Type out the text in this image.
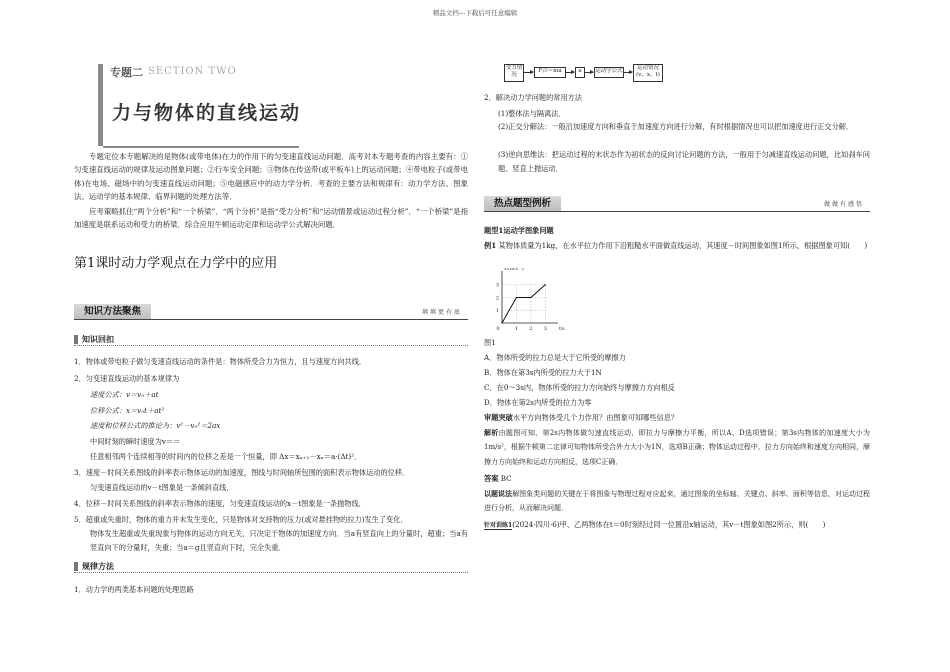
精品文档---下载后可任意编辑
专题二 SECTION TWO
力与物体的直线运动
专题定位本专题解决的是物体(或带电体)在力的作用下的匀变速直线运动问题．高考对本专题考查的内容主要有：①匀变速直线运动的规律及运动图象问题；②行车安全问题；③物体在传送带(或平板车)上的运动问题；④带电粒子(或带电体)在电场、磁场中的匀变速直线运动问题；⑤电磁感应中的动力学分析．考查的主要方法和规律有：动力学方法、图象法、运动学的基本规律、临界问题的处理方法等．
应考策略抓住“两个分析”和“一个桥梁”．“两个分析”是指“受力分析”和“运动情景或运动过程分析”．“一个桥梁”是指加速度是联系运动和受力的桥梁．综合应用牛顿运动定律和运动学公式解决问题．
第1课时动力学观点在力学中的应用
知识方法聚焦	填填更有底
知识回扣
1．物体或带电粒子做匀变速直线运动的条件是：物体所受合力为恒力，且与速度方向共线．
2．匀变速直线运动的基本规律为
速度公式：v＝v₀＋at
位移公式：x＝v₀t＋at²
速度和位移公式的推论为：v²－v₀²＝2ax
中间时刻的瞬时速度为v＝＝
任意相邻两个连续相等的时间内的位移之差是一个恒量，即 Δx＝xₙ₊₁－xₙ＝a·(Δt)²．
3．速度－时间关系图线的斜率表示物体运动的加速度，图线与时间轴所包围的面积表示物体运动的位移．
匀变速直线运动的v－t图象是一条倾斜直线．
4．位移－时间关系图线的斜率表示物体的速度，匀变速直线运动的x－t图象是一条抛物线．
5．超重或失重时，物体的重力并未发生变化，只是物体对支持物的压力(或对悬挂物的拉力)发生了变化．
物体发生超重或失重现象与物体的运动方向无关，只决定于物体的加速度方向．当a有竖直向上的分量时，超重；当a有竖直向下的分量时，失重；当a＝g且竖直向下时，完全失重．
规律方法
1．动力学的两类基本问题的处理思路
受力情况
F合＝ma	a	运动学公式	运动情况(v、x、t)
2．解决动力学问题的常用方法
(1)整体法与隔离法．
(2)正交分解法：一般沿加速度方向和垂直于加速度方向进行分解，有时根据情况也可以把加速度进行正交分解．
(3)逆向思维法：把运动过程的末状态作为初状态的反向讨论问题的方法，一般用于匀减速直线运动问题，比如刹车问题、竖直上抛运动．
热点题型例析	做做有感悟
题型1运动学图象问题
例1 某物体质量为1kg，在水平拉力作用下沿粗糙水平面做直线运动，其速度－时间图象如图1所示，根据图象可知(　　)
1
2
3
0	1 2 3
v/(m·s⁻¹)
t/s
图1
A．物体所受的拉力总是大于它所受的摩擦力
B．物体在第3s内所受的拉力大于1N
C．在0～3s内，物体所受的拉力方向始终与摩擦力方向相反
D．物体在第2s内所受的拉力为零
审题突破水平方向物体受几个力作用？由图象可知哪些信息？
解析由题图可知，第2s内物体做匀速直线运动，即拉力与摩擦力平衡，所以A、D选项错误；第3s内物体的加速度大小为1m/s²，根据牛顿第二定律可知物体所受合外力大小为1N，选项B正确；物体运动过程中，拉力方向始终和速度方向相同，摩擦力方向始终和运动方向相反，选项C正确．
答案 BC
以题说法解图象类问题的关键在于将图象与物理过程对应起来，通过图象的坐标轴、关键点、斜率、面积等信息，对运动过程进行分析，从而解决问题．
针对训练1(2024·四川·6)甲、乙两物体在t＝0时刻经过同一位置沿x轴运动，其v－t图象如图2所示，则(　　)
